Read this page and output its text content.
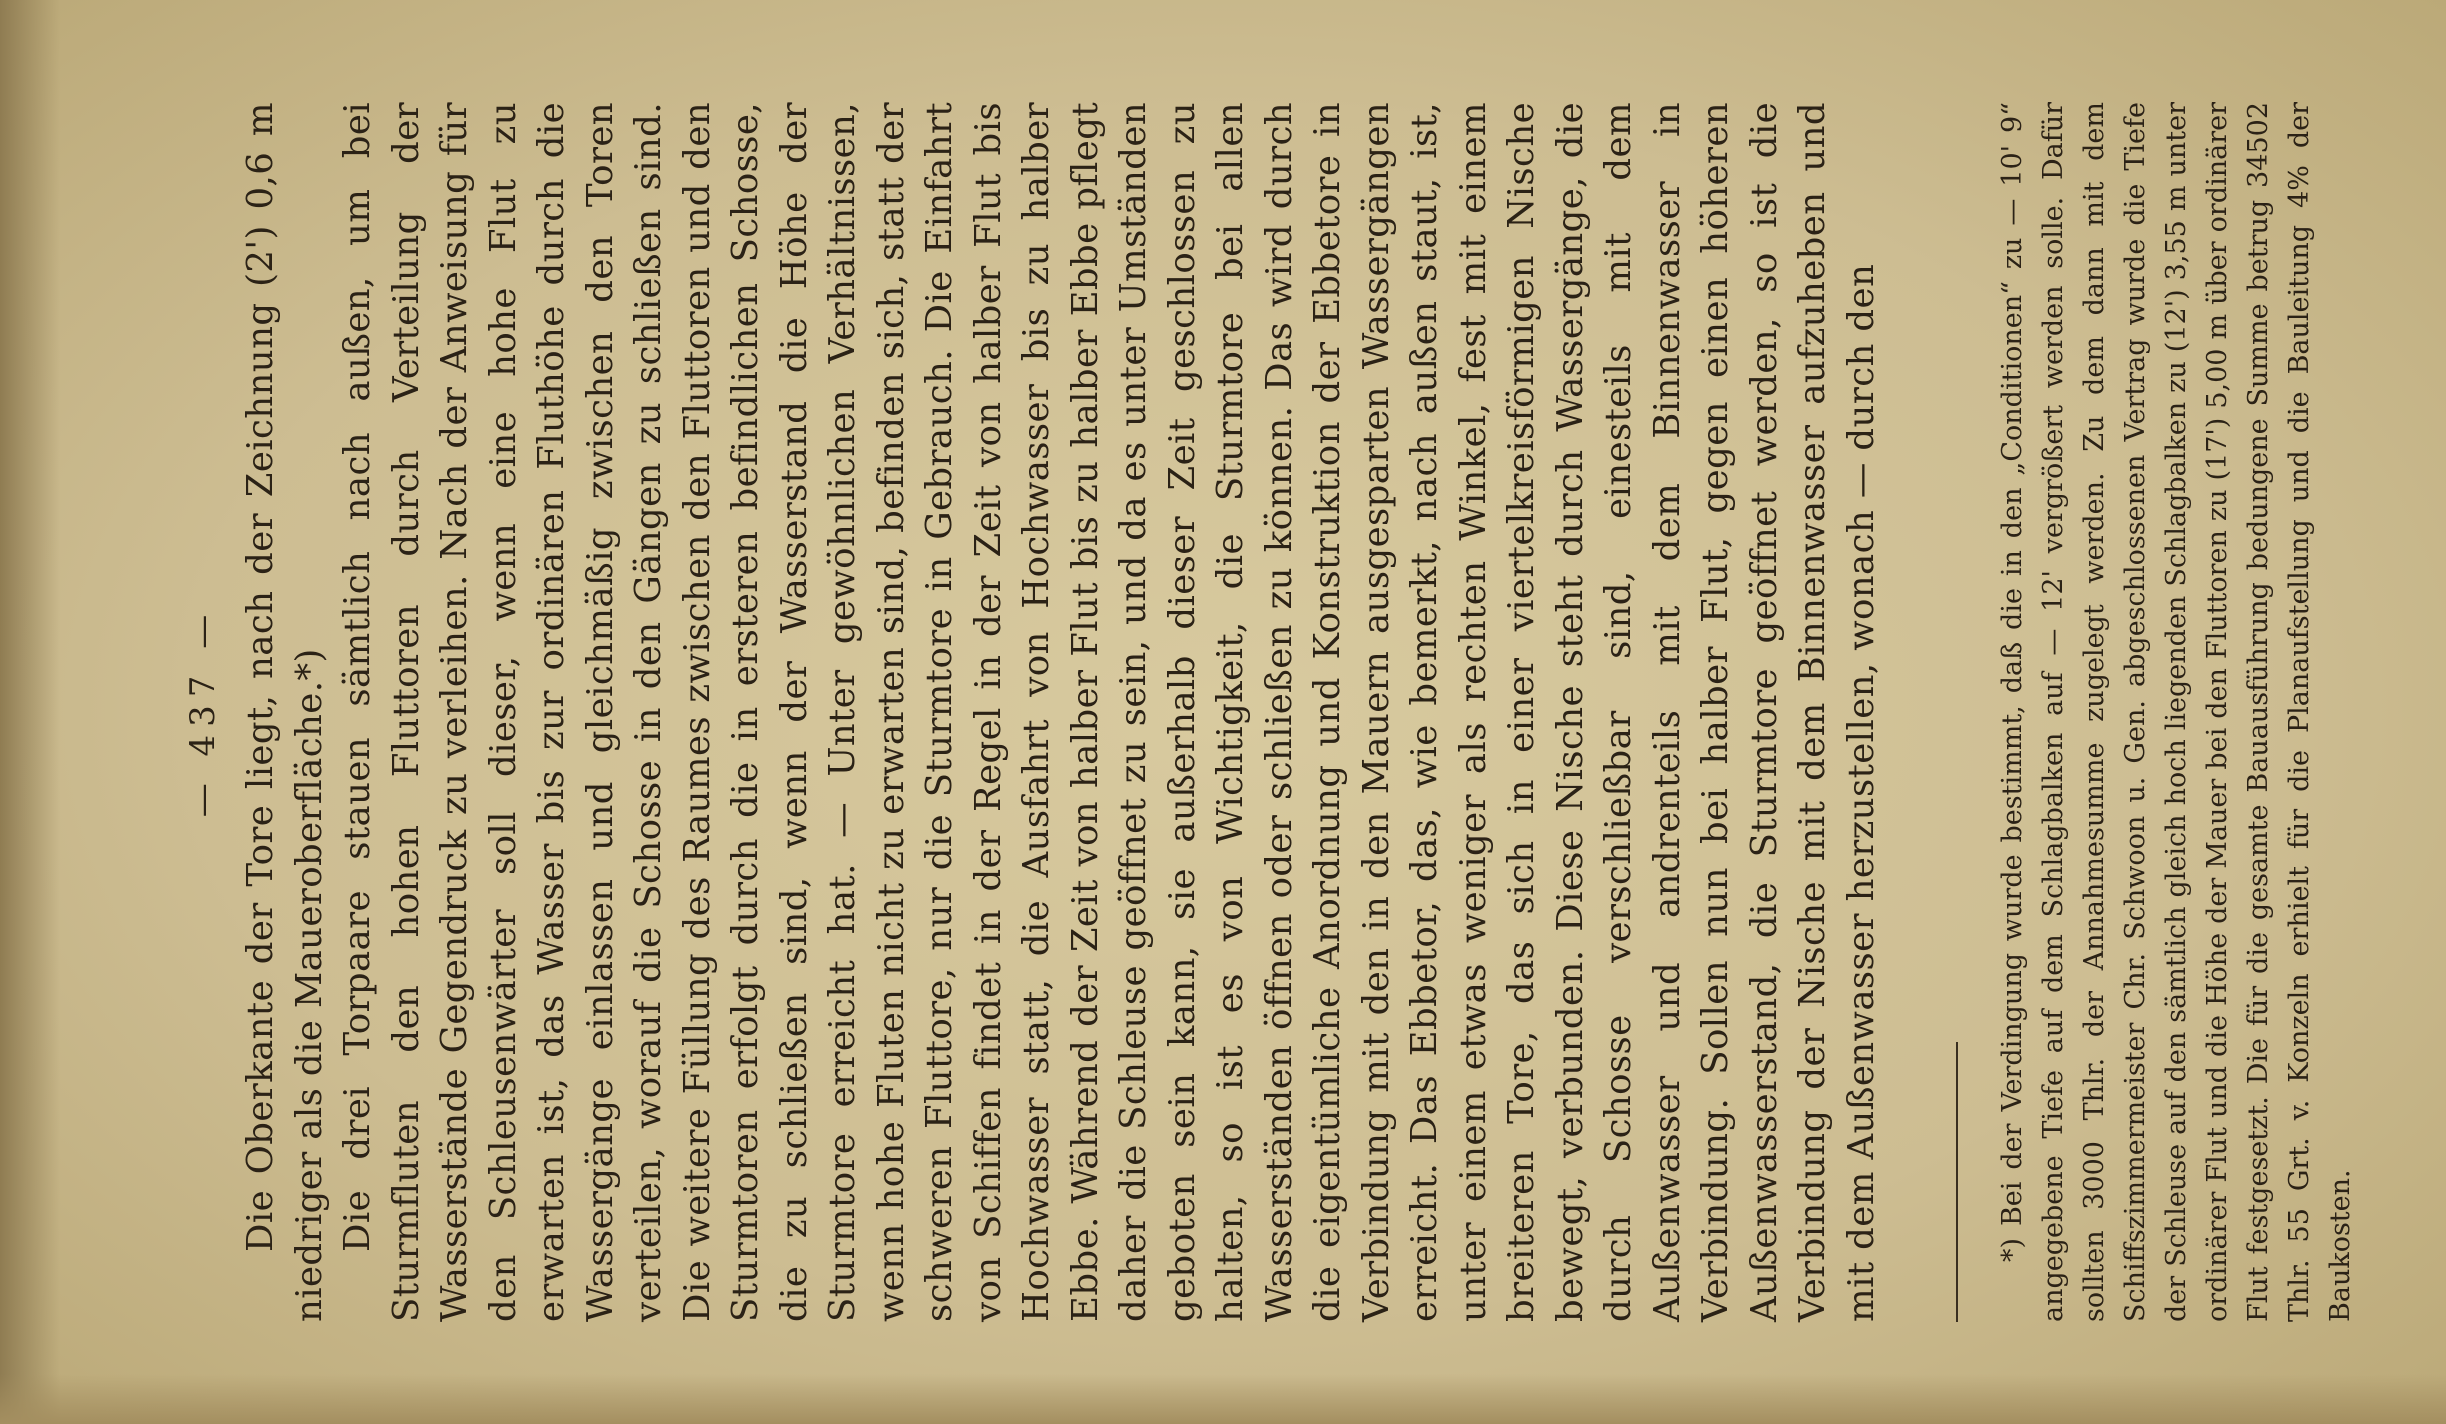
— 437 — Die Oberkante der Tore liegt, nach der Zeichnung (2') 0,6 m niedriger als die Maueroberfläche.*) Die drei Torpaare stauen sämtlich nach außen, um bei Sturmfluten den hohen Fluttoren durch Verteilung der Wasserstände Gegendruck zu verleihen. Nach der Anweisung für den Schleusenwärter soll dieser, wenn eine hohe Flut zu erwarten ist, das Wasser bis zur ordinären Fluthöhe durch die Wassergänge einlassen und gleichmäßig zwischen den Toren verteilen, worauf die Schosse in den Gängen zu schließen sind. Die weitere Füllung des Raumes zwischen den Fluttoren und den Sturmtoren erfolgt durch die in ersteren befindlichen Schosse, die zu schließen sind, wenn der Wasserstand die Höhe der Sturmtore erreicht hat. — Unter gewöhnlichen Verhältnissen, wenn hohe Fluten nicht zu erwarten sind, befinden sich, statt der schweren Fluttore, nur die Sturmtore in Gebrauch. Die Einfahrt von Schiffen findet in der Regel in der Zeit von halber Flut bis Hochwasser statt, die Ausfahrt von Hochwasser bis zu halber Ebbe. Während der Zeit von halber Flut bis zu halber Ebbe pflegt daher die Schleuse geöffnet zu sein, und da es unter Umständen geboten sein kann, sie außerhalb dieser Zeit geschlossen zu halten, so ist es von Wichtigkeit, die Sturmtore bei allen Wasserständen öffnen oder schließen zu können. Das wird durch die eigentümliche Anordnung und Konstruktion der Ebbetore in Verbindung mit den in den Mauern ausgesparten Wassergängen erreicht. Das Ebbetor, das, wie bemerkt, nach außen staut, ist, unter einem etwas weniger als rechten Winkel, fest mit einem breiteren Tore, das sich in einer viertelkreisförmigen Nische bewegt, verbunden. Diese Nische steht durch Wassergänge, die durch Schosse verschließbar sind, einesteils mit dem Außenwasser und andrenteils mit dem Binnenwasser in Verbindung. Sollen nun bei halber Flut, gegen einen höheren Außenwasserstand, die Sturmtore geöffnet werden, so ist die Verbindung der Nische mit dem Binnenwasser aufzuheben und mit dem Außenwasser herzustellen, wonach — durch den	*) Bei der Verdingung wurde bestimmt, daß die in den „Conditionen“ zu — 10' 9“ angegebene Tiefe auf dem Schlagbalken auf — 12' vergrößert werden solle. Dafür sollten 3000 Thlr. der Annahmesumme zugelegt werden. Zu dem dann mit dem Schiffszimmermeister Chr. Schwoon u. Gen. abgeschlossenen Vertrag wurde die Tiefe der Schleuse auf den sämtlich gleich hoch liegenden Schlagbalken zu (12') 3,55 m unter ordinärer Flut und die Höhe der Mauer bei den Fluttoren zu (17') 5,00 m über ordinärer Flut festgesetzt. Die für die gesamte Bauausführung bedungene Summe betrug 34502 Thlr. 55 Grt. v. Konzeln erhielt für die Planaufstellung und die Bauleitung 4% der Baukosten.
